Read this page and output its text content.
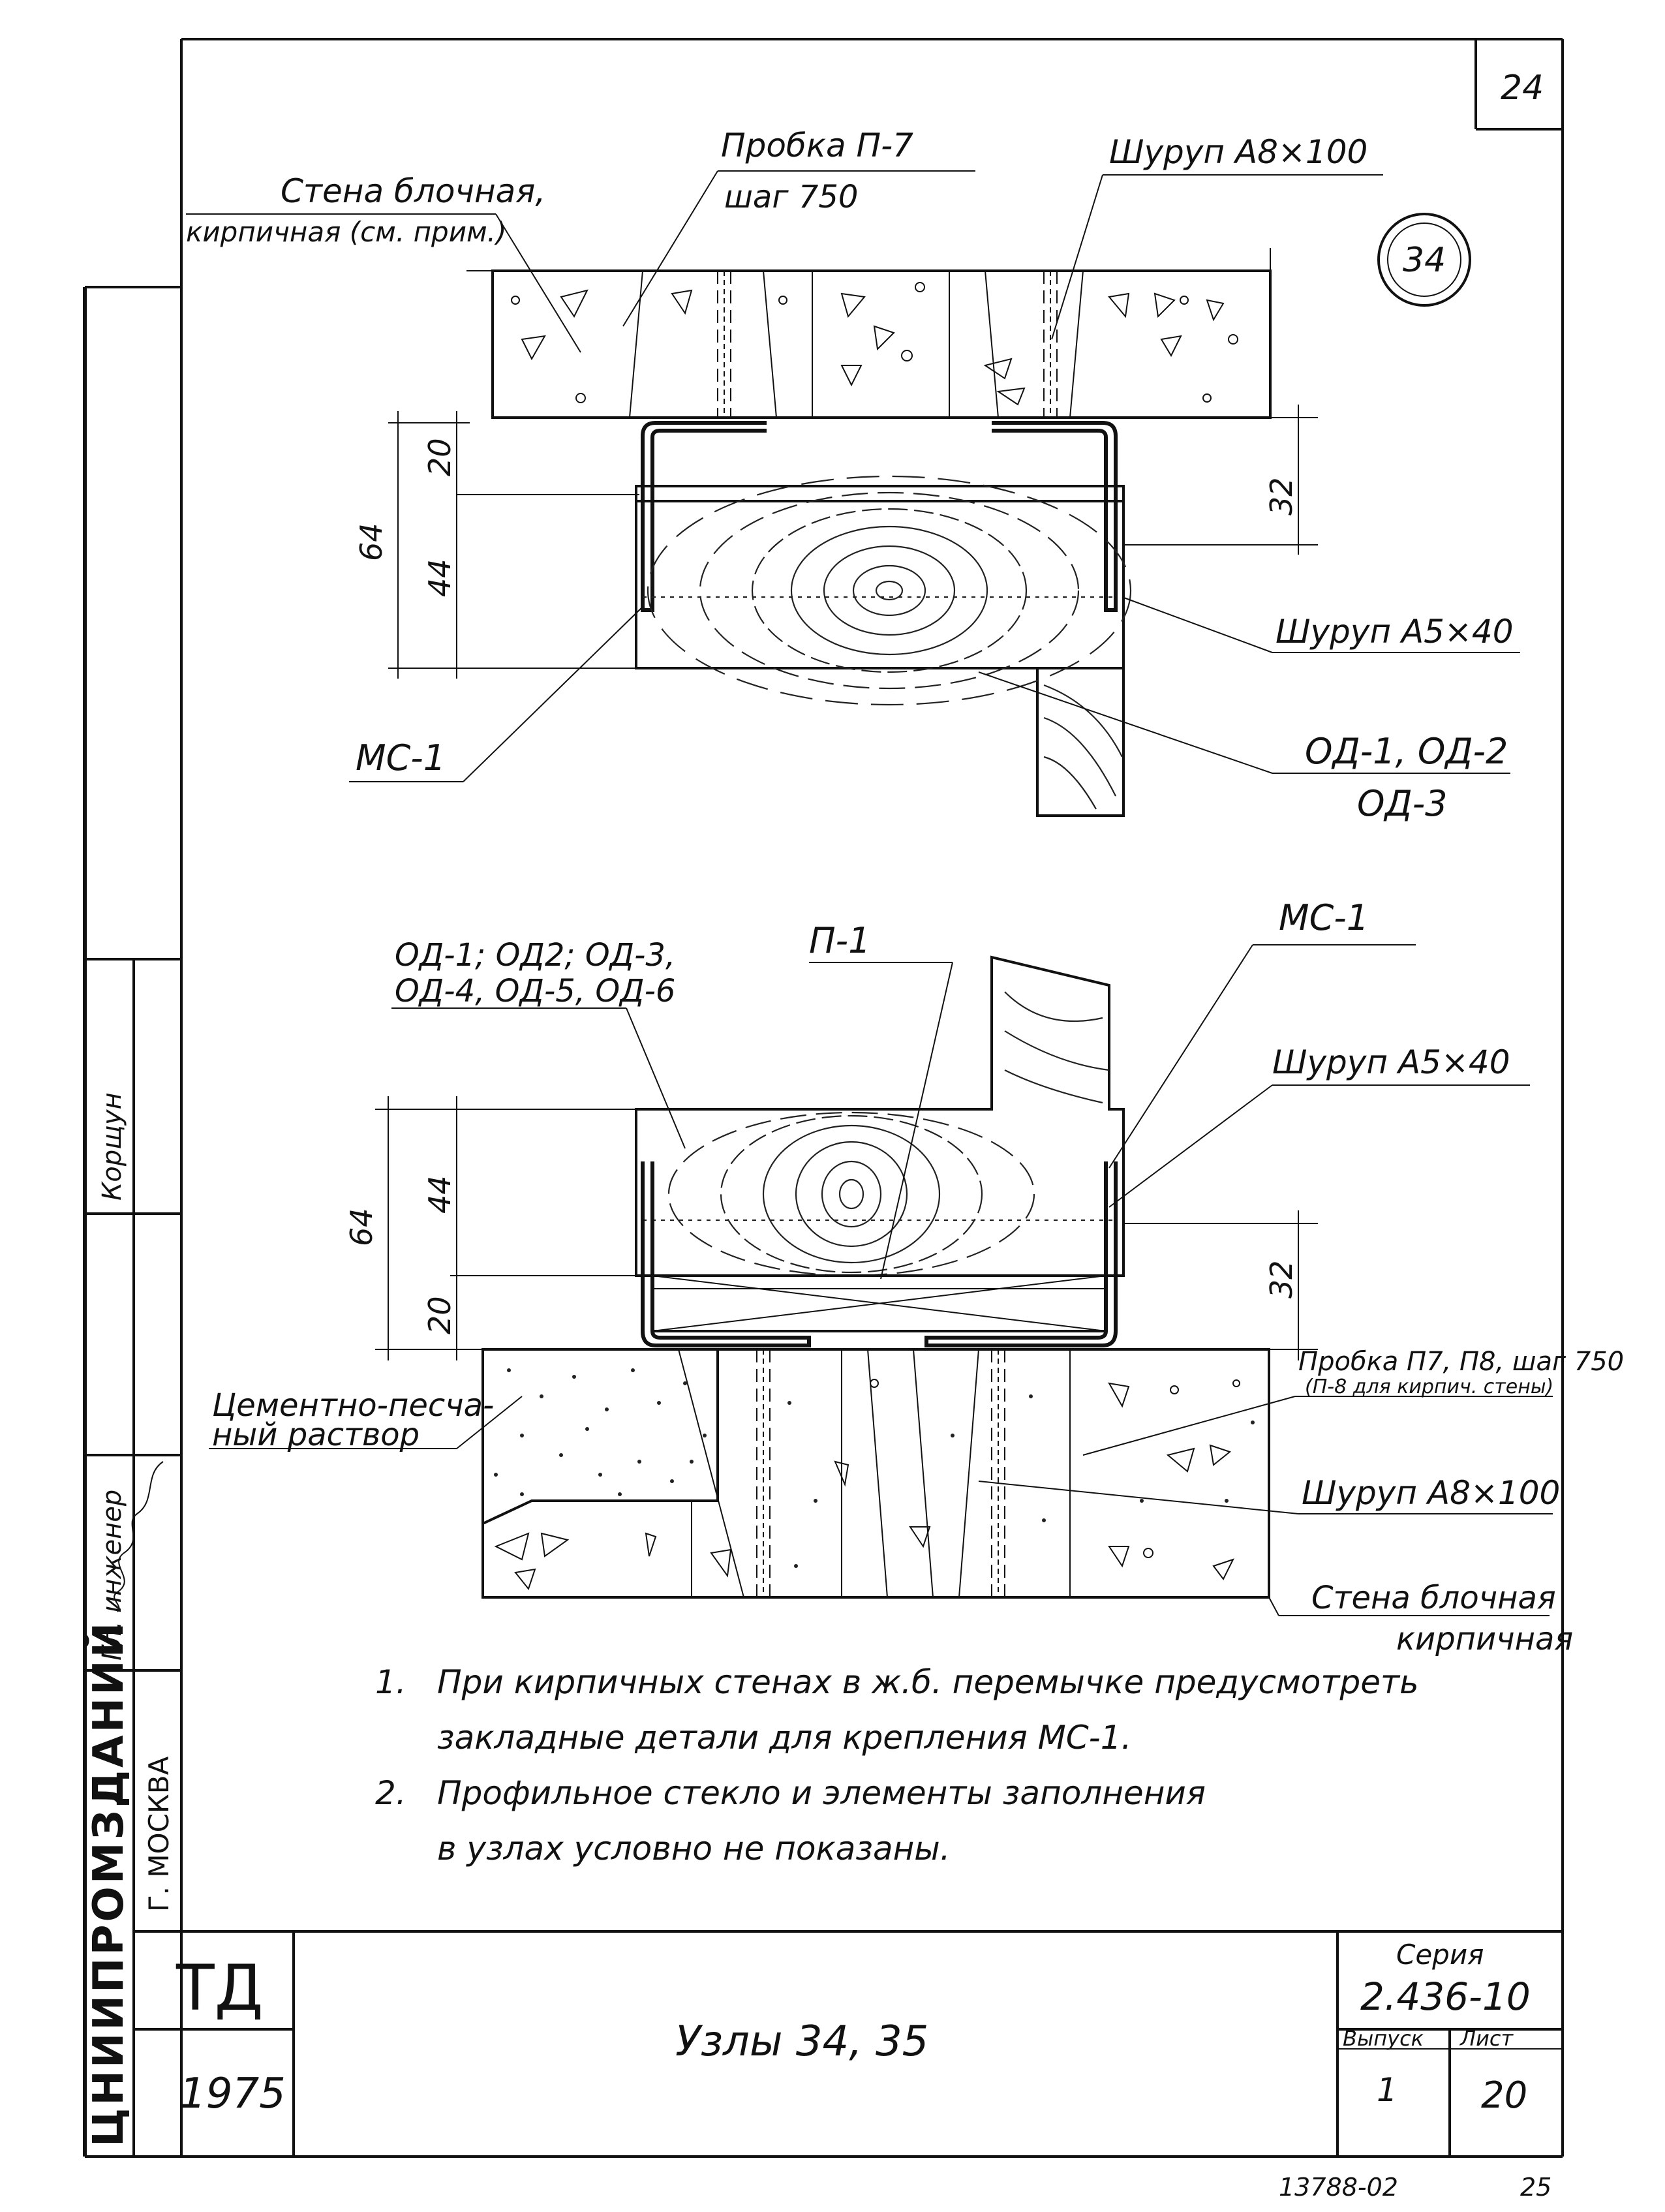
24
34
ЦНИИПРОМЗДАНИЙ Г. МОСКВА
Гл. инженер
Корщун
64
20
44
32
Стена блочная,
кирпичная (см. прим.)
Пробка П-7
шаг 750
Шуруп А8×100
Шуруп А5×40
МС-1	ОД-1, ОД-2
ОД-3
64
44
20
32
ОД-1; ОД2; ОД-3,
ОД-4, ОД-5, ОД-6
П-1
МС-1
Шуруп А5×40
Цементно-песча-
ный раствор
Пробка П7, П8, шаг 750
(П-8 для кирпич. стены)
Шуруп А8×100
Стена блочная
кирпичная
1. При кирпичных стенах в ж.б. перемычке предусмотреть
закладные детали для крепления МС-1.
2. Профильное стекло и элементы заполнения
в узлах условно не показаны.
ТД
1975
Узлы 34, 35
Серия
2.436-10
Выпуск
1
Лист
20
13788-02	25
